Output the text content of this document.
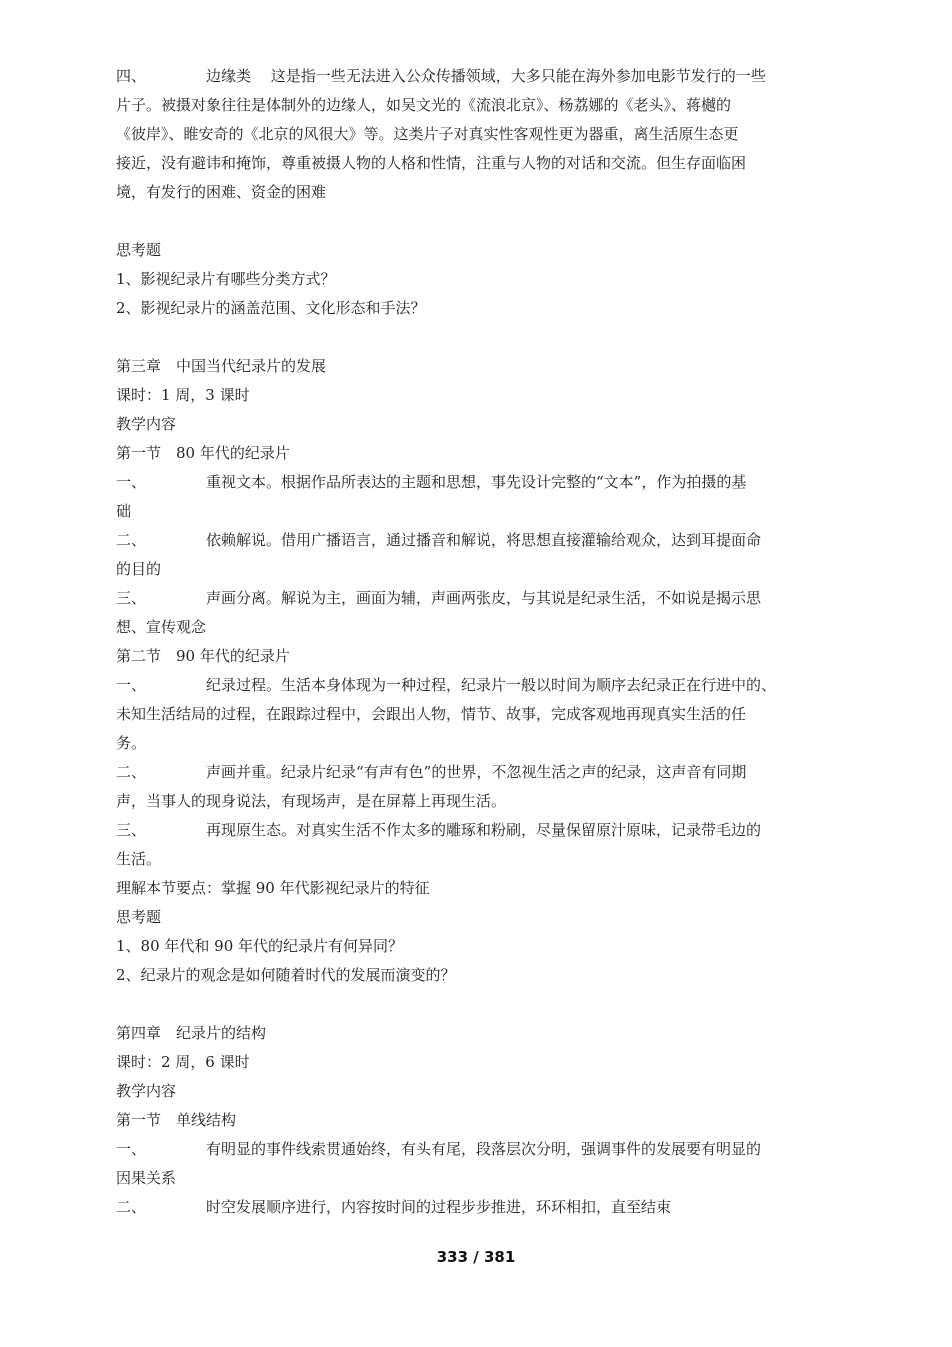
四、	边缘类　 这是指一些无法进入公众传播领域，大多只能在海外参加电影节发行的一些
片子。被摄对象往往是体制外的边缘人，如吴文光的《流浪北京》、杨荔娜的《老头》、蒋樾的
《彼岸》、睢安奇的《北京的风很大》等。这类片子对真实性客观性更为器重，离生活原生态更
接近，没有避讳和掩饰，尊重被摄人物的人格和性情，注重与人物的对话和交流。但生存面临困
境，有发行的困难、资金的困难
思考题
1、影视纪录片有哪些分类方式？
2、影视纪录片的涵盖范围、文化形态和手法？
第三章　中国当代纪录片的发展
课时：1 周，3 课时
教学内容
第一节　80 年代的纪录片
一、	重视文本。根据作品所表达的主题和思想，事先设计完整的“文本”，作为拍摄的基
础
二、	依赖解说。借用广播语言，通过播音和解说，将思想直接灌输给观众，达到耳提面命
的目的
三、	声画分离。解说为主，画面为辅，声画两张皮，与其说是纪录生活，不如说是揭示思
想、宣传观念
第二节　90 年代的纪录片
一、	纪录过程。生活本身体现为一种过程，纪录片一般以时间为顺序去纪录正在行进中的、
未知生活结局的过程，在跟踪过程中，会跟出人物，情节、故事，完成客观地再现真实生活的任
务。
二、	声画并重。纪录片纪录“有声有色”的世界，不忽视生活之声的纪录，这声音有同期
声，当事人的现身说法，有现场声，是在屏幕上再现生活。
三、	再现原生态。对真实生活不作太多的雕琢和粉刷，尽量保留原汁原味，记录带毛边的
生活。
理解本节要点：掌握 90 年代影视纪录片的特征
思考题
1、80 年代和 90 年代的纪录片有何异同？
2、纪录片的观念是如何随着时代的发展而演变的？
第四章　纪录片的结构
课时：2 周，6 课时
教学内容
第一节　单线结构
一、	有明显的事件线索贯通始终，有头有尾，段落层次分明，强调事件的发展要有明显的
因果关系
二、	时空发展顺序进行，内容按时间的过程步步推进，环环相扣，直至结束
333 / 381
